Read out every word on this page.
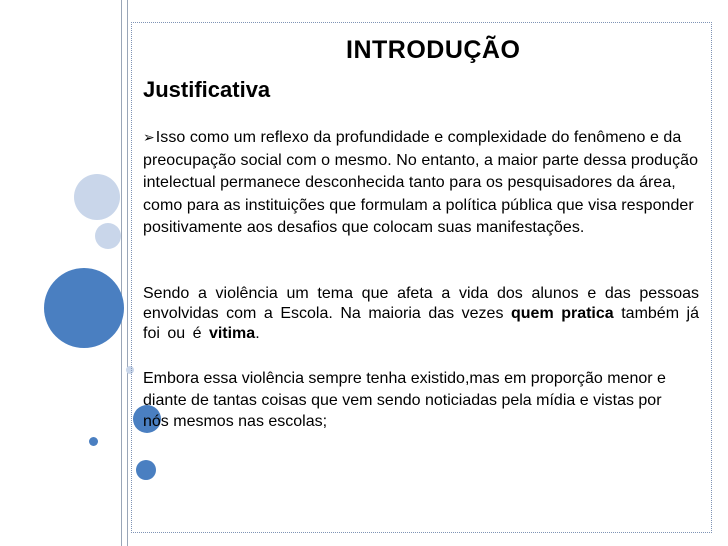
INTRODUÇÃO
Justificativa
➢Isso como um reflexo da profundidade e complexidade do fenômeno e da preocupação social com o mesmo. No entanto, a maior parte dessa produção intelectual permanece desconhecida tanto para os pesquisadores da área, como para as instituições que formulam a política pública que visa responder positivamente aos desafios que colocam suas manifestações.
Sendo a violência um tema que afeta a vida dos alunos e das pessoas envolvidas com a Escola. Na maioria das vezes quem pratica também já foi ou é vitima.
Embora essa violência sempre tenha existido,mas em proporção menor e diante de tantas coisas que vem sendo noticiadas pela mídia e vistas por nós mesmos nas escolas;
